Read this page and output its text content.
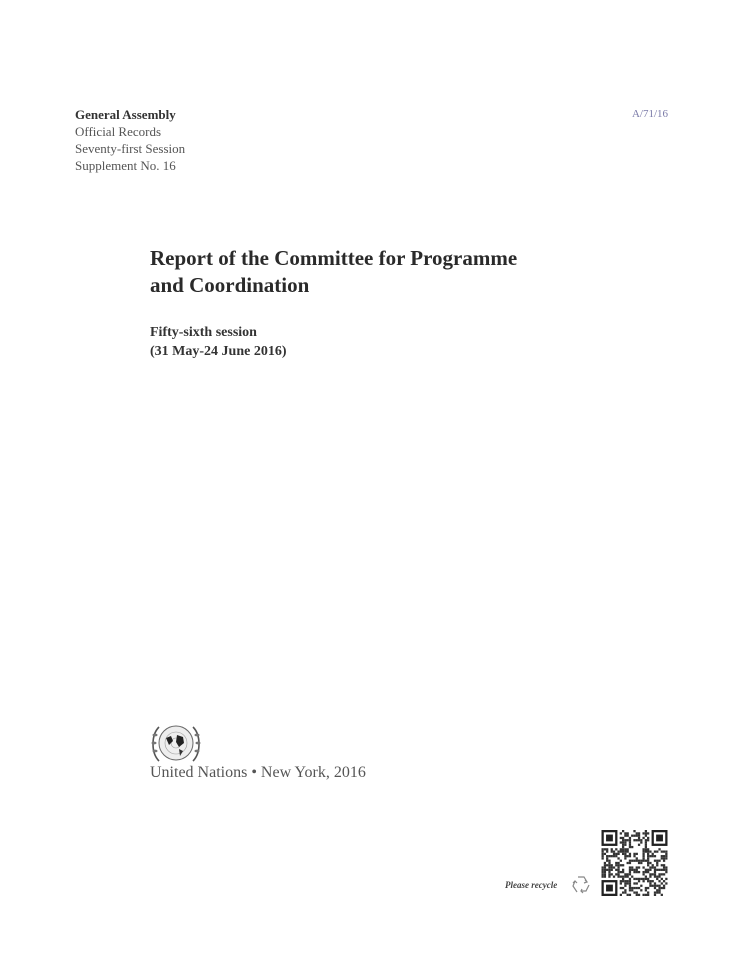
General Assembly
Official Records
Seventy-first Session
Supplement No. 16
A/71/16
Report of the Committee for Programme
and Coordination
Fifty-sixth session
(31 May-24 June 2016)
United Nations • New York, 2016
Please recycle
